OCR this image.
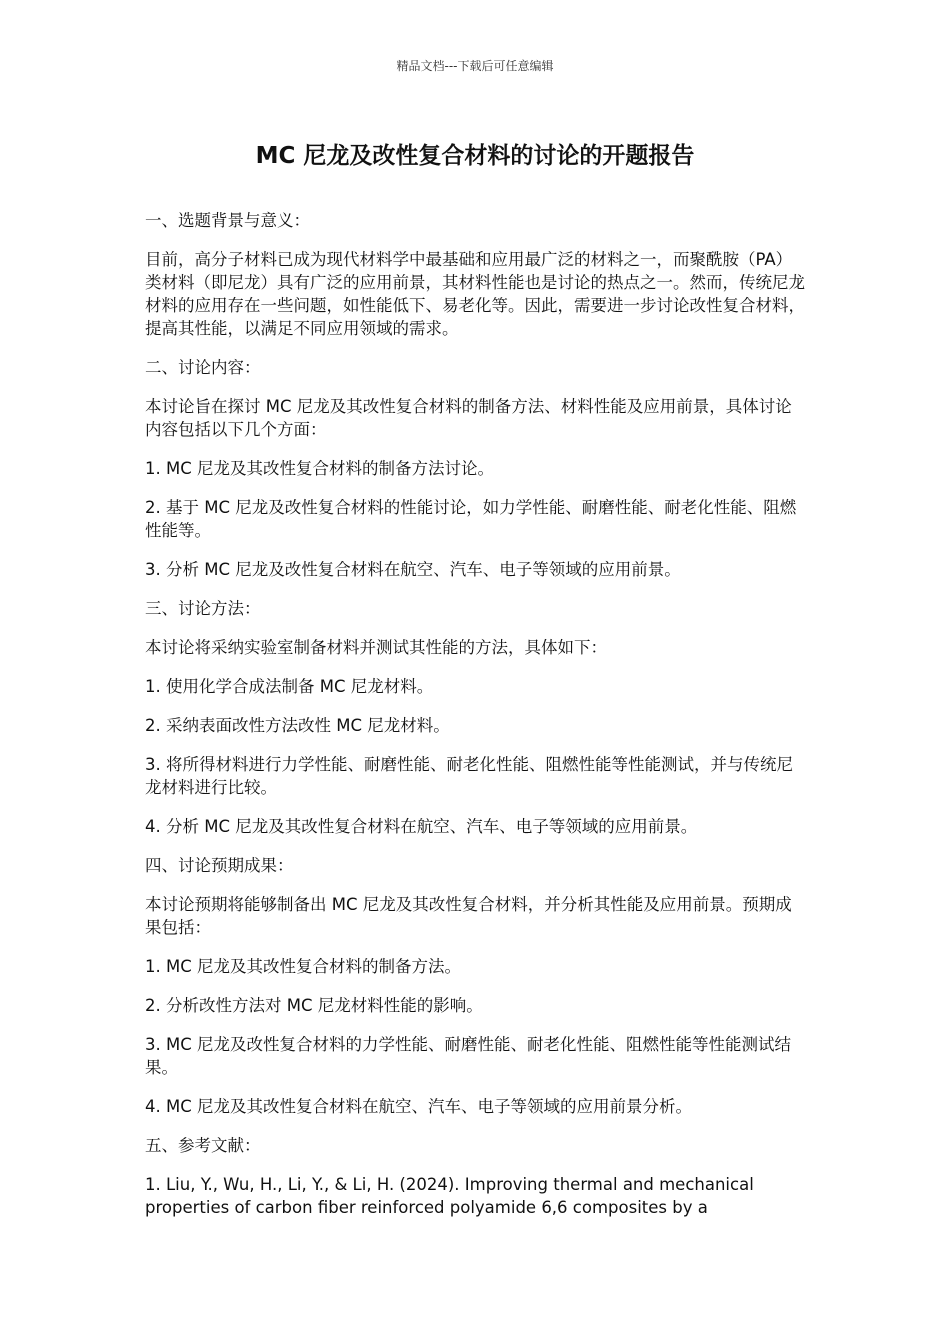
精品文档---下载后可任意编辑
MC 尼龙及改性复合材料的讨论的开题报告

一、选题背景与意义：

目前，高分子材料已成为现代材料学中最基础和应用最广泛的材料之一，而聚酰胺（PA）类材料（即尼龙）具有广泛的应用前景，其材料性能也是讨论的热点之一。然而，传统尼龙材料的应用存在一些问题，如性能低下、易老化等。因此，需要进一步讨论改性复合材料，提高其性能，以满足不同应用领域的需求。

二、讨论内容：

本讨论旨在探讨 MC 尼龙及其改性复合材料的制备方法、材料性能及应用前景，具体讨论内容包括以下几个方面：

1. MC 尼龙及其改性复合材料的制备方法讨论。

2. 基于 MC 尼龙及改性复合材料的性能讨论，如力学性能、耐磨性能、耐老化性能、阻燃性能等。

3. 分析 MC 尼龙及改性复合材料在航空、汽车、电子等领域的应用前景。

三、讨论方法：

本讨论将采纳实验室制备材料并测试其性能的方法，具体如下：

1. 使用化学合成法制备 MC 尼龙材料。

2. 采纳表面改性方法改性 MC 尼龙材料。

3. 将所得材料进行力学性能、耐磨性能、耐老化性能、阻燃性能等性能测试，并与传统尼龙材料进行比较。

4. 分析 MC 尼龙及其改性复合材料在航空、汽车、电子等领域的应用前景。

四、讨论预期成果：

本讨论预期将能够制备出 MC 尼龙及其改性复合材料，并分析其性能及应用前景。预期成果包括：

1. MC 尼龙及其改性复合材料的制备方法。

2. 分析改性方法对 MC 尼龙材料性能的影响。

3. MC 尼龙及改性复合材料的力学性能、耐磨性能、耐老化性能、阻燃性能等性能测试结果。

4. MC 尼龙及其改性复合材料在航空、汽车、电子等领域的应用前景分析。

五、参考文献：

1. Liu, Y., Wu, H., Li, Y., & Li, H. (2024). Improving thermal and mechanical properties of carbon fiber reinforced polyamide 6,6 composites by a
